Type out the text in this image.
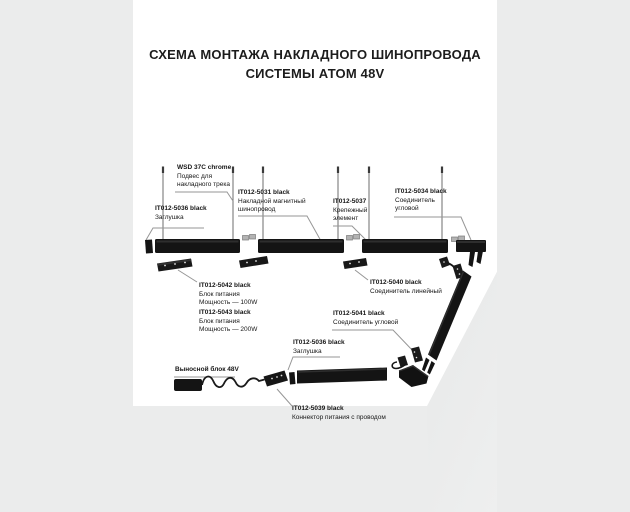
СХЕМА МОНТАЖА НАКЛАДНОГО ШИНОПРОВОДА
СИСТЕМЫ АТОМ 48V
WSD 37C chrome
Подвес для
накладного трека
IT012-5036 black
Заглушка
IT012-5031 black
Накладной магнитный
шинопровод
IT012-5037
Крепежный
элемент
IT012-5034 black
Соединитель
угловой
IT012-5042 black
Блок питания
Мощность — 100W
IT012-5043 black
Блок питания
Мощность — 200W
IT012-5040 black
Соединитель линейный
IT012-5041 black
Соединитель угловой
IT012-5036 black
Заглушка
Выносной блок 48V
IT012-5039 black
Коннектор питания с проводом
